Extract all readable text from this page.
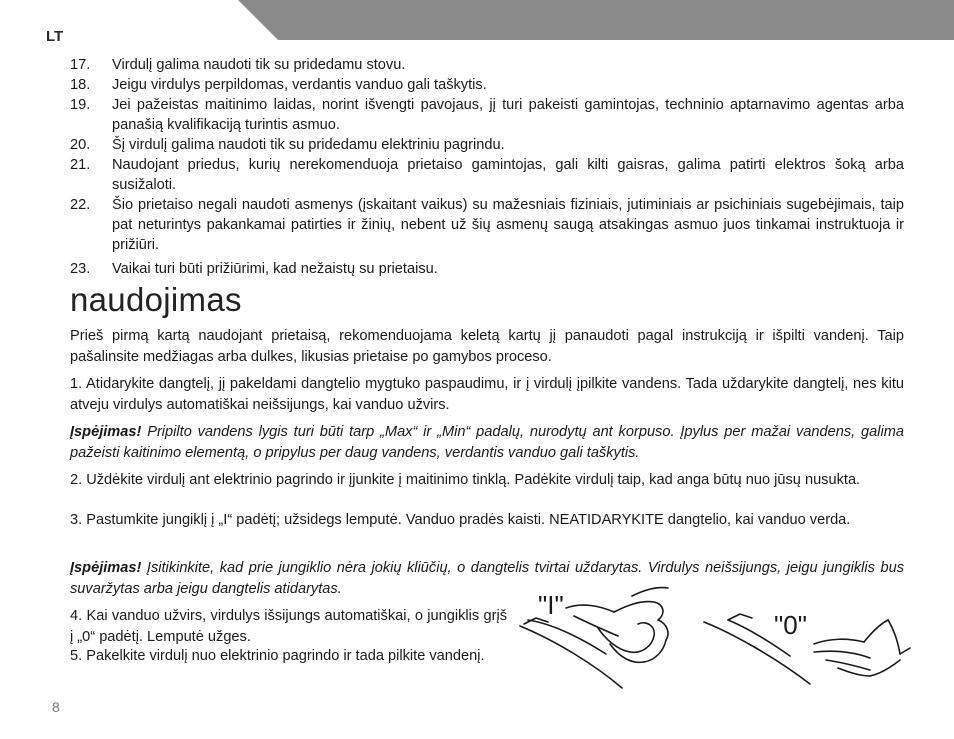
LT
17.	Virdulį galima naudoti tik su pridedamu stovu.
18.	Jeigu virdulys perpildomas, verdantis vanduo gali taškytis.
19.	Jei pažeistas maitinimo laidas, norint išvengti pavojaus, jį turi pakeisti gamintojas, techninio aptarnavimo agentas arba panašią kvalifikaciją turintis asmuo.
20.	Šį virdulį galima naudoti tik su pridedamu elektriniu pagrindu.
21.	Naudojant priedus, kurių nerekomenduoja prietaiso gamintojas, gali kilti gaisras, galima patirti elektros šoką arba susižaloti.
22.	Šio prietaiso negali naudoti asmenys (įskaitant vaikus) su mažesniais fiziniais, jutiminiais ar psichiniais sugebėjimais, taip pat neturintys pakankamai patirties ir žinių, nebent už šių asmenų saugą atsakingas asmuo juos tinkamai instruktuoja ir prižiūri.
23.	Vaikai turi būti prižiūrimi, kad nežaistų su prietaisu.
naudojimas

Prieš pirmą kartą naudojant prietaisą, rekomenduojama keletą kartų jį panaudoti pagal instrukciją ir išpilti vandenį. Taip pašalinsite medžiagas arba dulkes, likusias prietaise po gamybos proceso.

1. Atidarykite dangtelį, jį pakeldami dangtelio mygtuko paspaudimu, ir į virdulį įpilkite vandens. Tada uždarykite dangtelį, nes kitu atveju virdulys automatiškai neišsijungs, kai vanduo užvirs.

Įspėjimas! Pripilto vandens lygis turi būti tarp „Max“ ir „Min“ padalų, nurodytų ant korpuso. Įpylus per mažai vandens, galima pažeisti kaitinimo elementą, o pripylus per daug vandens, verdantis vanduo gali taškytis.

2. Uždėkite virdulį ant elektrinio pagrindo ir įjunkite į maitinimo tinklą. Padėkite virdulį taip, kad anga būtų nuo jūsų nusukta.

3. Pastumkite jungiklį į „I“ padėtį; užsidegs lemputė. Vanduo pradės kaisti. NEATIDARYKITE dangtelio, kai vanduo verda.

Įspėjimas! Įsitikinkite, kad prie jungiklio nėra jokių kliūčių, o dangtelis tvirtai uždarytas. Virdulys neišsijungs, jeigu jungiklis bus suvaržytas arba jeigu dangtelis atidarytas.

4. Kai vanduo užvirs, virdulys išsijungs automatiškai, o jungiklis grįš į „0“ padėtį. Lemputė užges.

5. Pakelkite virdulį nuo elektrinio pagrindo ir tada pilkite vandenį.

"I"
"0"
8
